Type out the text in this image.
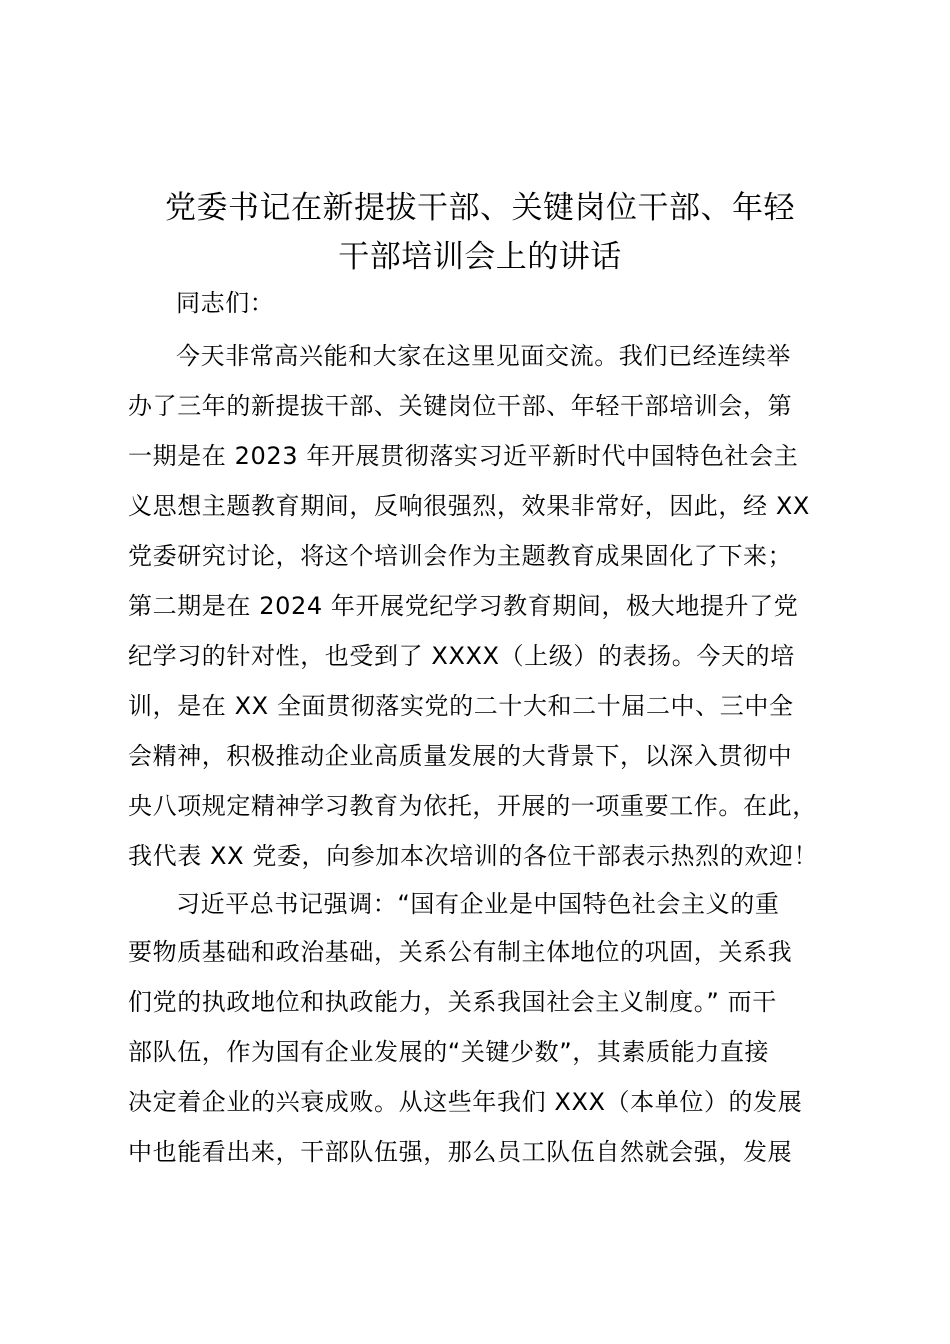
党委书记在新提拔干部、关键岗位干部、年轻
干部培训会上的讲话
同志们：
今天非常高兴能和大家在这里见面交流。我们已经连续举
办了三年的新提拔干部、关键岗位干部、年轻干部培训会，第
一期是在 2023 年开展贯彻落实习近平新时代中国特色社会主
义思想主题教育期间，反响很强烈，效果非常好，因此，经 XX
党委研究讨论，将这个培训会作为主题教育成果固化了下来；
第二期是在 2024 年开展党纪学习教育期间，极大地提升了党
纪学习的针对性，也受到了 XXXX（上级）的表扬。今天的培
训，是在 XX 全面贯彻落实党的二十大和二十届二中、三中全
会精神，积极推动企业高质量发展的大背景下，以深入贯彻中
央八项规定精神学习教育为依托，开展的一项重要工作。在此，
我代表 XX 党委，向参加本次培训的各位干部表示热烈的欢迎！
习近平总书记强调：“国有企业是中国特色社会主义的重
要物质基础和政治基础，关系公有制主体地位的巩固，关系我
们党的执政地位和执政能力，关系我国社会主义制度。” 而干
部队伍，作为国有企业发展的“关键少数”，其素质能力直接
决定着企业的兴衰成败。从这些年我们 XXX（本单位）的发展
中也能看出来，干部队伍强，那么员工队伍自然就会强，发展
